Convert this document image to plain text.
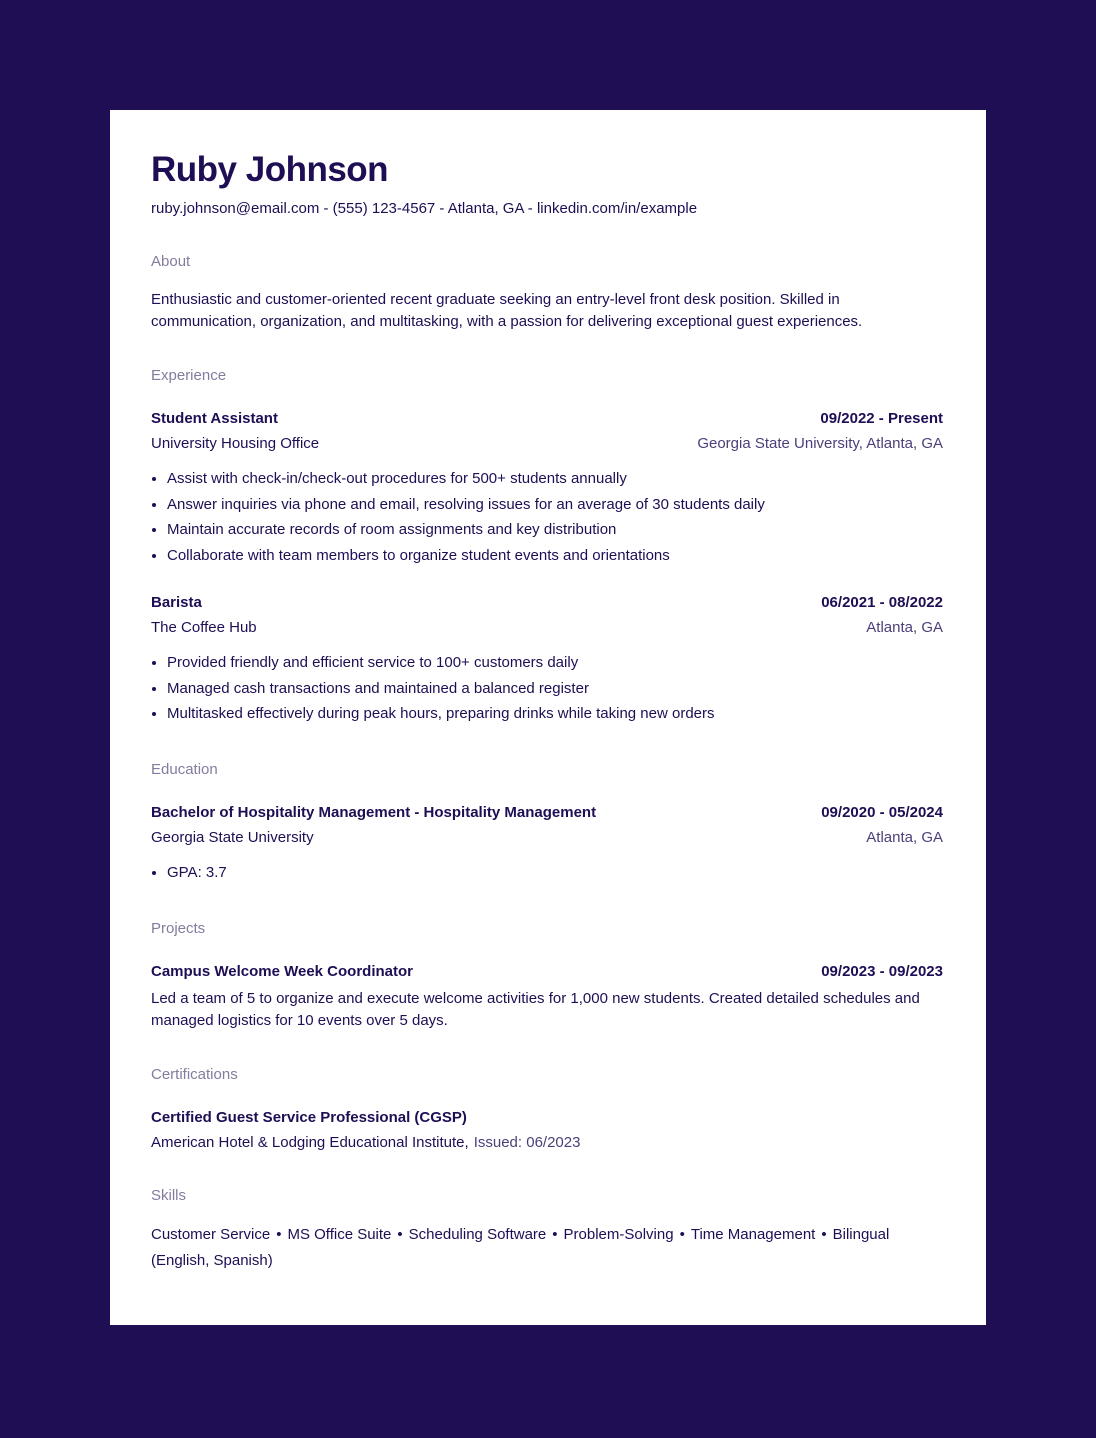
Ruby Johnson
ruby.johnson@email.com - (555) 123-4567 - Atlanta, GA - linkedin.com/in/example
About
Enthusiastic and customer-oriented recent graduate seeking an entry-level front desk position. Skilled in communication, organization, and multitasking, with a passion for delivering exceptional guest experiences.
Experience
Student Assistant	09/2022 - Present
University Housing Office	Georgia State University, Atlanta, GA
• Assist with check-in/check-out procedures for 500+ students annually
• Answer inquiries via phone and email, resolving issues for an average of 30 students daily
• Maintain accurate records of room assignments and key distribution
• Collaborate with team members to organize student events and orientations
Barista	06/2021 - 08/2022
The Coffee Hub	Atlanta, GA
• Provided friendly and efficient service to 100+ customers daily
• Managed cash transactions and maintained a balanced register
• Multitasked effectively during peak hours, preparing drinks while taking new orders
Education
Bachelor of Hospitality Management - Hospitality Management	09/2020 - 05/2024
Georgia State University	Atlanta, GA
• GPA: 3.7
Projects
Campus Welcome Week Coordinator	09/2023 - 09/2023
Led a team of 5 to organize and execute welcome activities for 1,000 new students. Created detailed schedules and managed logistics for 10 events over 5 days.
Certifications
Certified Guest Service Professional (CGSP)
American Hotel & Lodging Educational Institute, Issued: 06/2023
Skills
Customer Service • MS Office Suite • Scheduling Software • Problem-Solving • Time Management • Bilingual (English, Spanish)
